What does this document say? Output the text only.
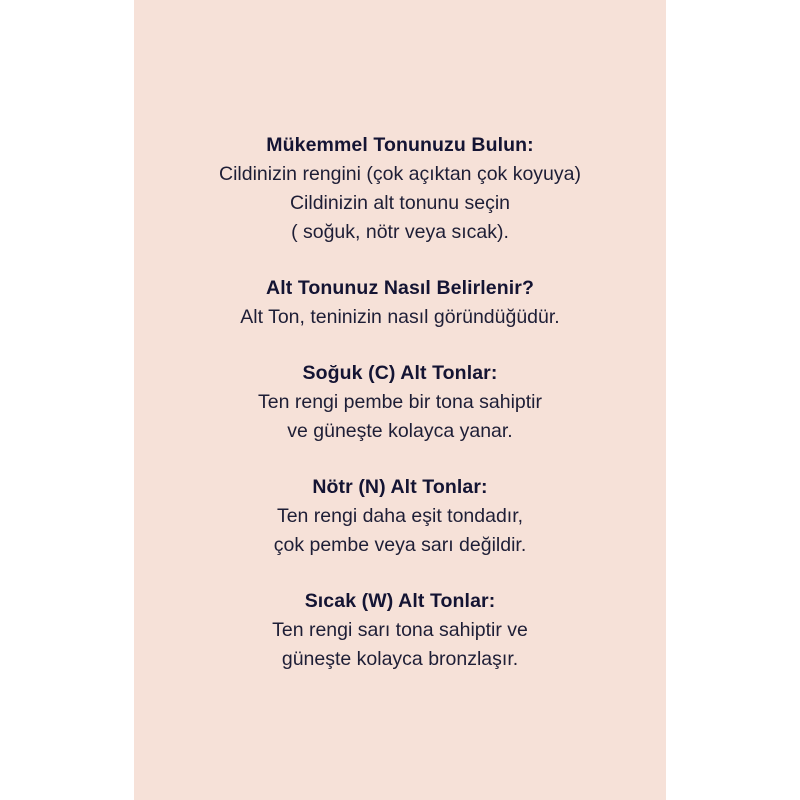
Mükemmel Tonunuzu Bulun:
Cildinizin rengini (çok açıktan çok koyuya)
Cildinizin alt tonunu seçin
( soğuk, nötr veya sıcak).
Alt Tonunuz Nasıl Belirlenir?
Alt Ton, teninizin nasıl göründüğüdür.
Soğuk (C) Alt Tonlar:
Ten rengi pembe bir tona sahiptir
ve güneşte kolayca yanar.
Nötr (N) Alt Tonlar:
Ten rengi daha eşit tondadır,
çok pembe veya sarı değildir.
Sıcak (W) Alt Tonlar:
Ten rengi sarı tona sahiptir ve
güneşte kolayca bronzlaşır.
